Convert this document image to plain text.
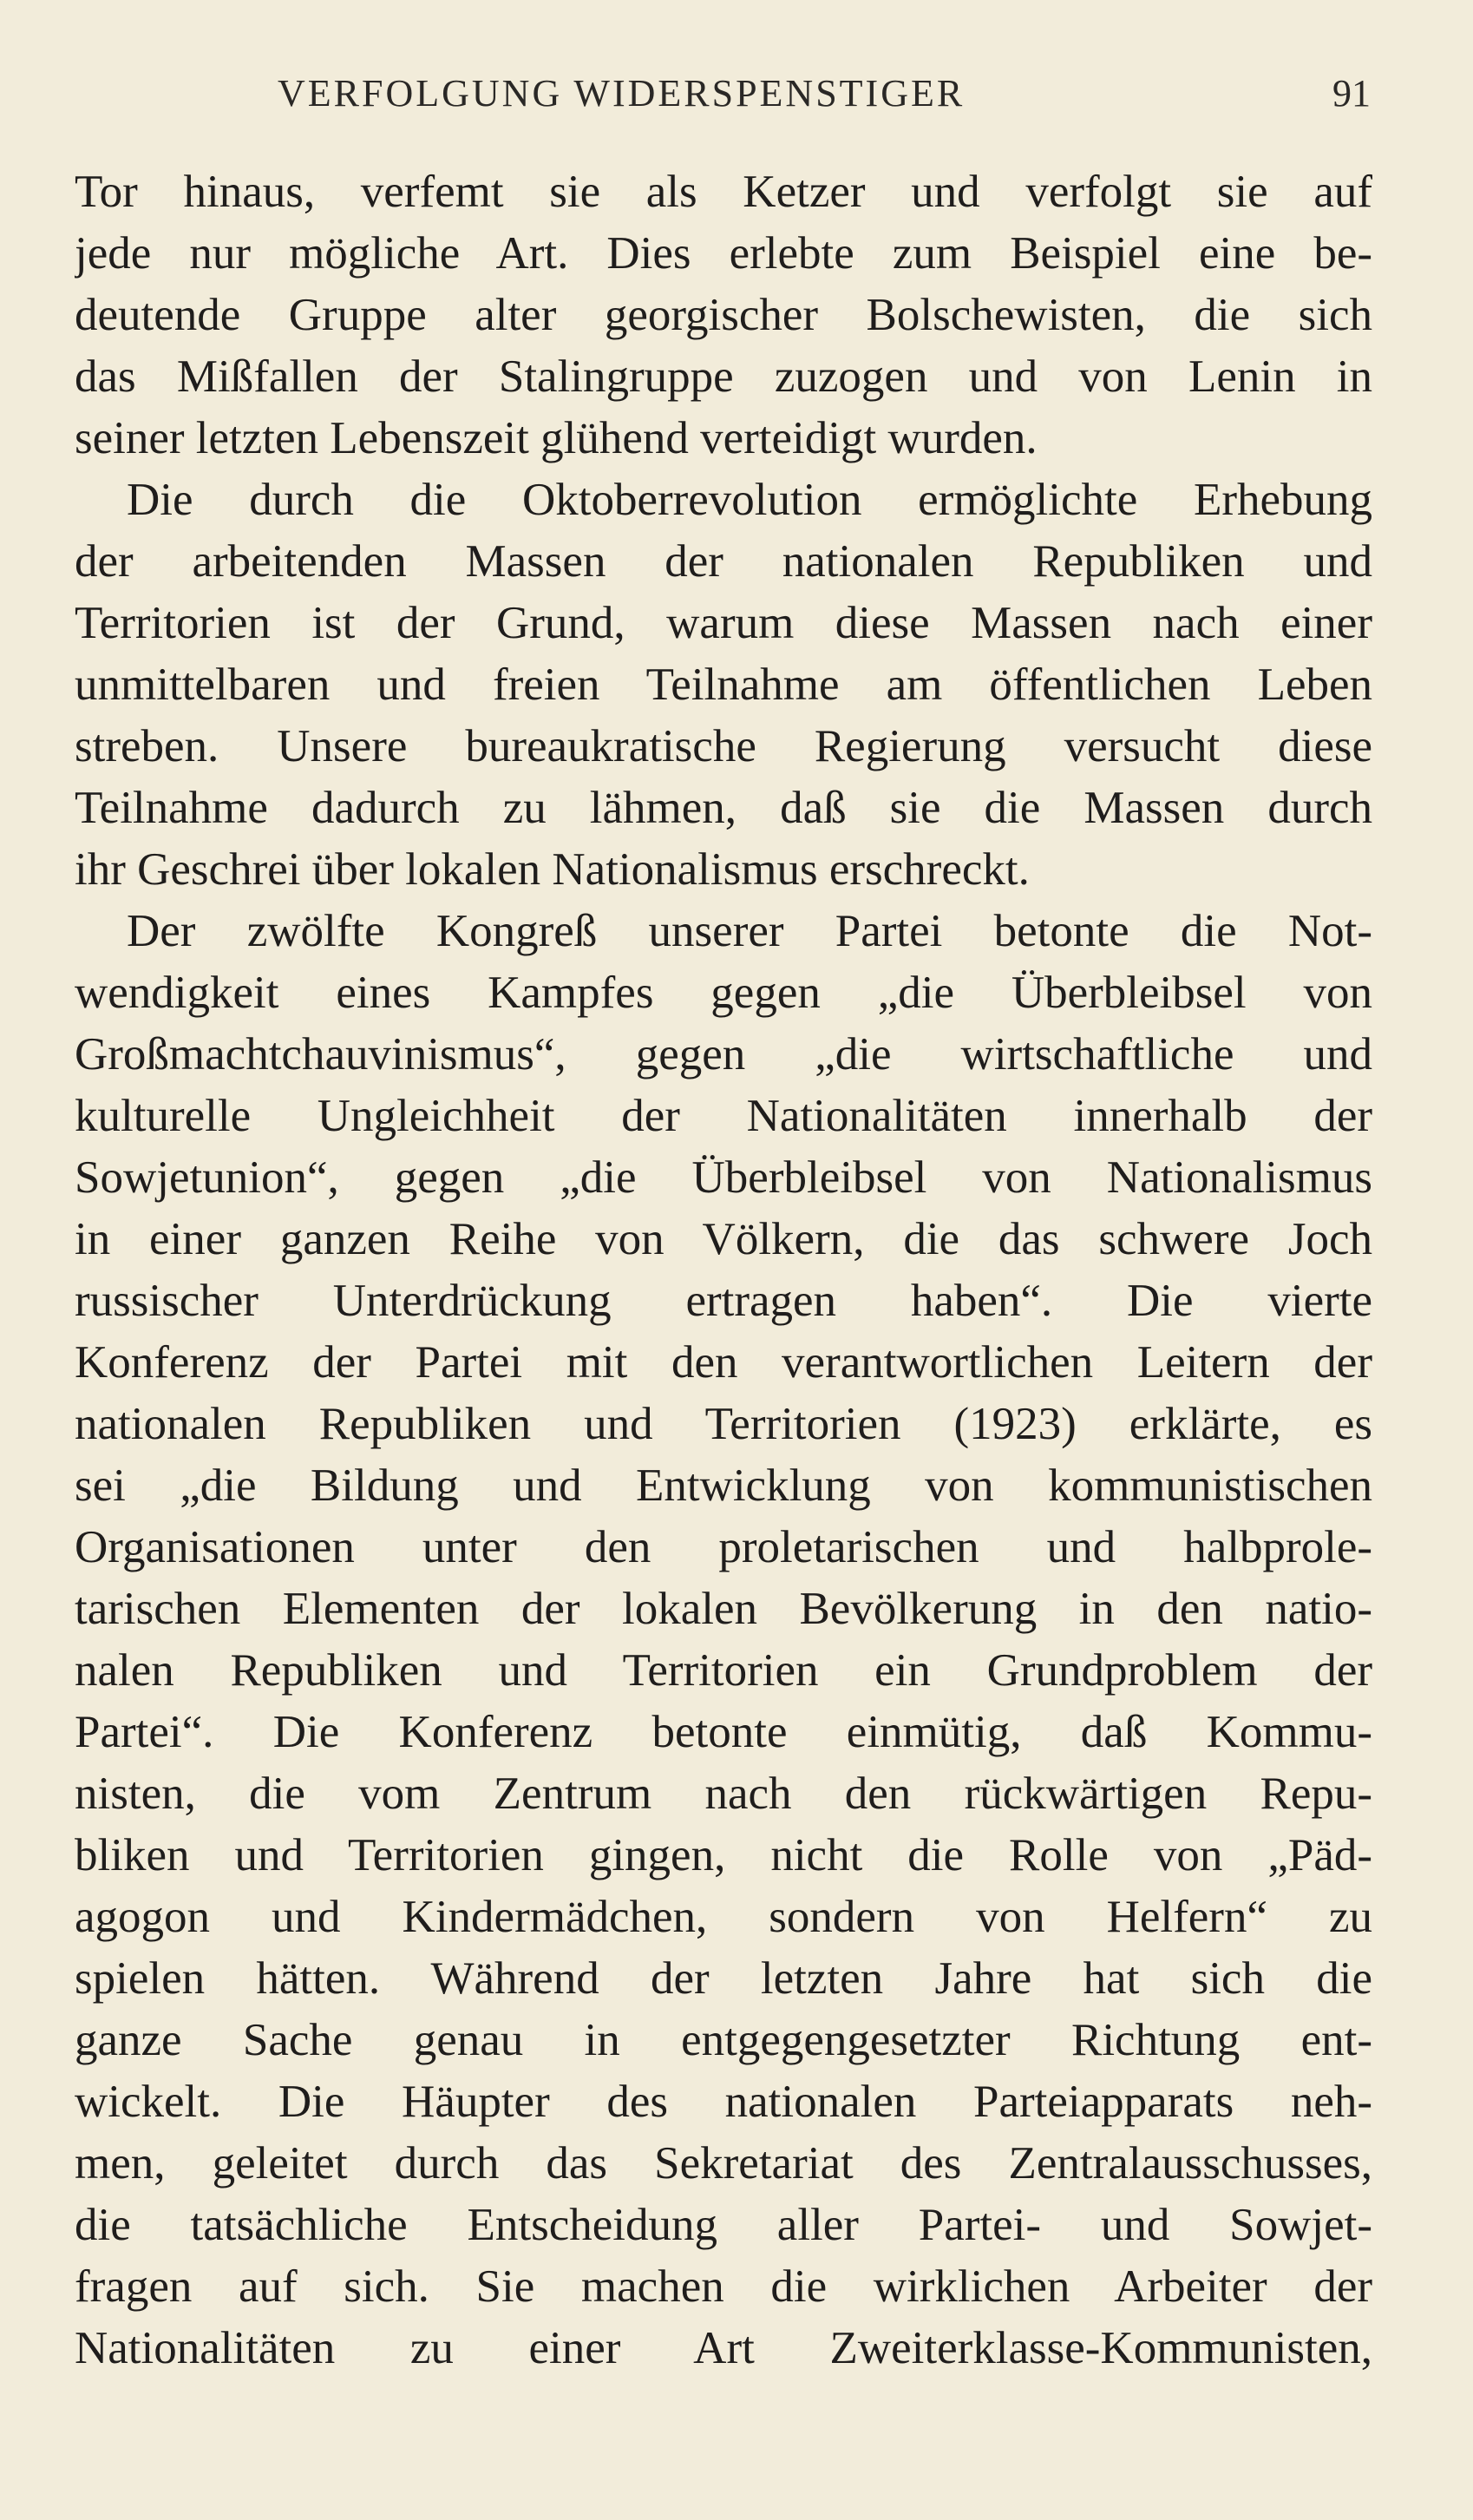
VERFOLGUNG WIDERSPENSTIGER	91
Tor hinaus, verfemt sie als Ketzer und verfolgt sie auf
jede nur mögliche Art. Dies erlebte zum Beispiel eine be-
deutende Gruppe alter georgischer Bolschewisten, die sich
das Mißfallen der Stalingruppe zuzogen und von Lenin in
seiner letzten Lebenszeit glühend verteidigt wurden.
Die durch die Oktoberrevolution ermöglichte Erhebung
der arbeitenden Massen der nationalen Republiken und
Territorien ist der Grund, warum diese Massen nach einer
unmittelbaren und freien Teilnahme am öffentlichen Leben
streben. Unsere bureaukratische Regierung versucht diese
Teilnahme dadurch zu lähmen, daß sie die Massen durch
ihr Geschrei über lokalen Nationalismus erschreckt.
Der zwölfte Kongreß unserer Partei betonte die Not-
wendigkeit eines Kampfes gegen „die Überbleibsel von
Großmachtchauvinismus“, gegen „die wirtschaftliche und
kulturelle Ungleichheit der Nationalitäten innerhalb der
Sowjetunion“, gegen „die Überbleibsel von Nationalismus
in einer ganzen Reihe von Völkern, die das schwere Joch
russischer Unterdrückung ertragen haben“. Die vierte
Konferenz der Partei mit den verantwortlichen Leitern der
nationalen Republiken und Territorien (1923) erklärte, es
sei „die Bildung und Entwicklung von kommunistischen
Organisationen unter den proletarischen und halbprole-
tarischen Elementen der lokalen Bevölkerung in den natio-
nalen Republiken und Territorien ein Grundproblem der
Partei“. Die Konferenz betonte einmütig, daß Kommu-
nisten, die vom Zentrum nach den rückwärtigen Repu-
bliken und Territorien gingen, nicht die Rolle von „Päd-
agogon und Kindermädchen, sondern von Helfern“ zu
spielen hätten. Während der letzten Jahre hat sich die
ganze Sache genau in entgegengesetzter Richtung ent-
wickelt. Die Häupter des nationalen Parteiapparats neh-
men, geleitet durch das Sekretariat des Zentralausschusses,
die tatsächliche Entscheidung aller Partei- und Sowjet-
fragen auf sich. Sie machen die wirklichen Arbeiter der
Nationalitäten zu einer Art Zweiterklasse-Kommunisten,
